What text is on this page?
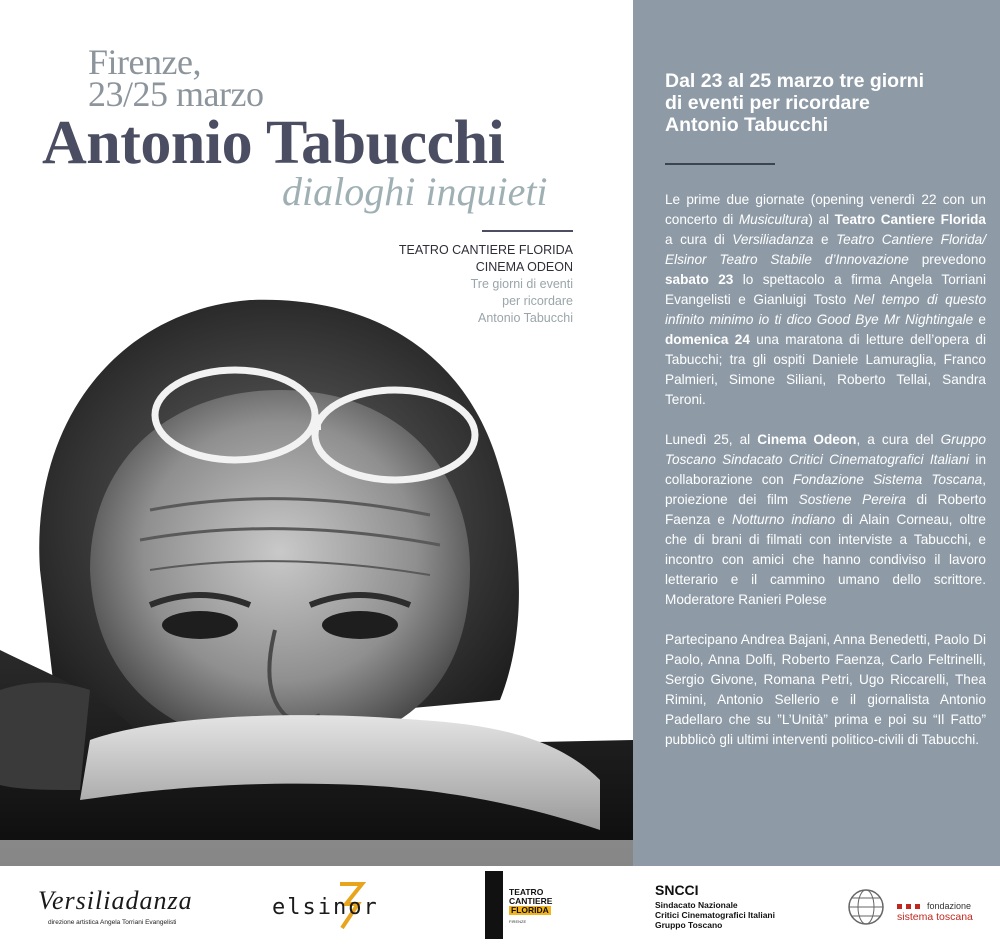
Firenze,
23/25 marzo
Antonio Tabucchi
dialoghi inquieti
TEATRO CANTIERE FLORIDA
CINEMA ODEON
Tre giorni di eventi
per ricordare
Antonio Tabucchi
Dal 23 al 25 marzo tre giorni
di eventi per ricordare
Antonio Tabucchi

Le prime due giornate (opening venerdì 22 con un concerto di Musicultura) al Teatro Cantiere Florida a cura di Versiliadanza e Teatro Cantiere Florida/ Elsinor Teatro Stabile d’Innovazione prevedono sabato 23 lo spettacolo a firma Angela Torriani Evangelisti e Gianluigi Tosto Nel tempo di questo infinito minimo io ti dico Good Bye Mr Nightingale e domenica 24 una maratona di letture dell’opera di Tabucchi; tra gli ospiti Daniele Lamuraglia, Franco Palmieri, Simone Siliani, Roberto Tellai, Sandra Teroni.

Lunedì 25, al Cinema Odeon, a cura del Gruppo Toscano Sindacato Critici Cinematografici Italiani in collaborazione con Fondazione Sistema Toscana, proiezione dei film Sostiene Pereira di Roberto Faenza e Notturno indiano di Alain Corneau, oltre che di brani di filmati con interviste a Tabucchi, e incontro con amici che hanno condiviso il lavoro letterario e il cammino umano dello scrittore. Moderatore Ranieri Polese

Partecipano Andrea Bajani, Anna Benedetti, Paolo Di Paolo, Anna Dolfi, Roberto Faenza, Carlo Feltrinelli, Sergio Givone, Romana Petri, Ugo Riccarelli, Thea Rimini, Antonio Sellerio e il giornalista Antonio Padellaro che su ”L’Unità” prima e poi su “Il Fatto” pubblicò gli ultimi interventi politico-civili di Tabucchi.

Versiliadanza
direzione artistica Angela Torriani Evangelisti
elsinor
TEATRO
CANTIERE
FLORIDA
FIRENZE
SNCCI
Sindacato Nazionale
Critici Cinematografici Italiani
Gruppo Toscano
fondazione
sistema toscana
